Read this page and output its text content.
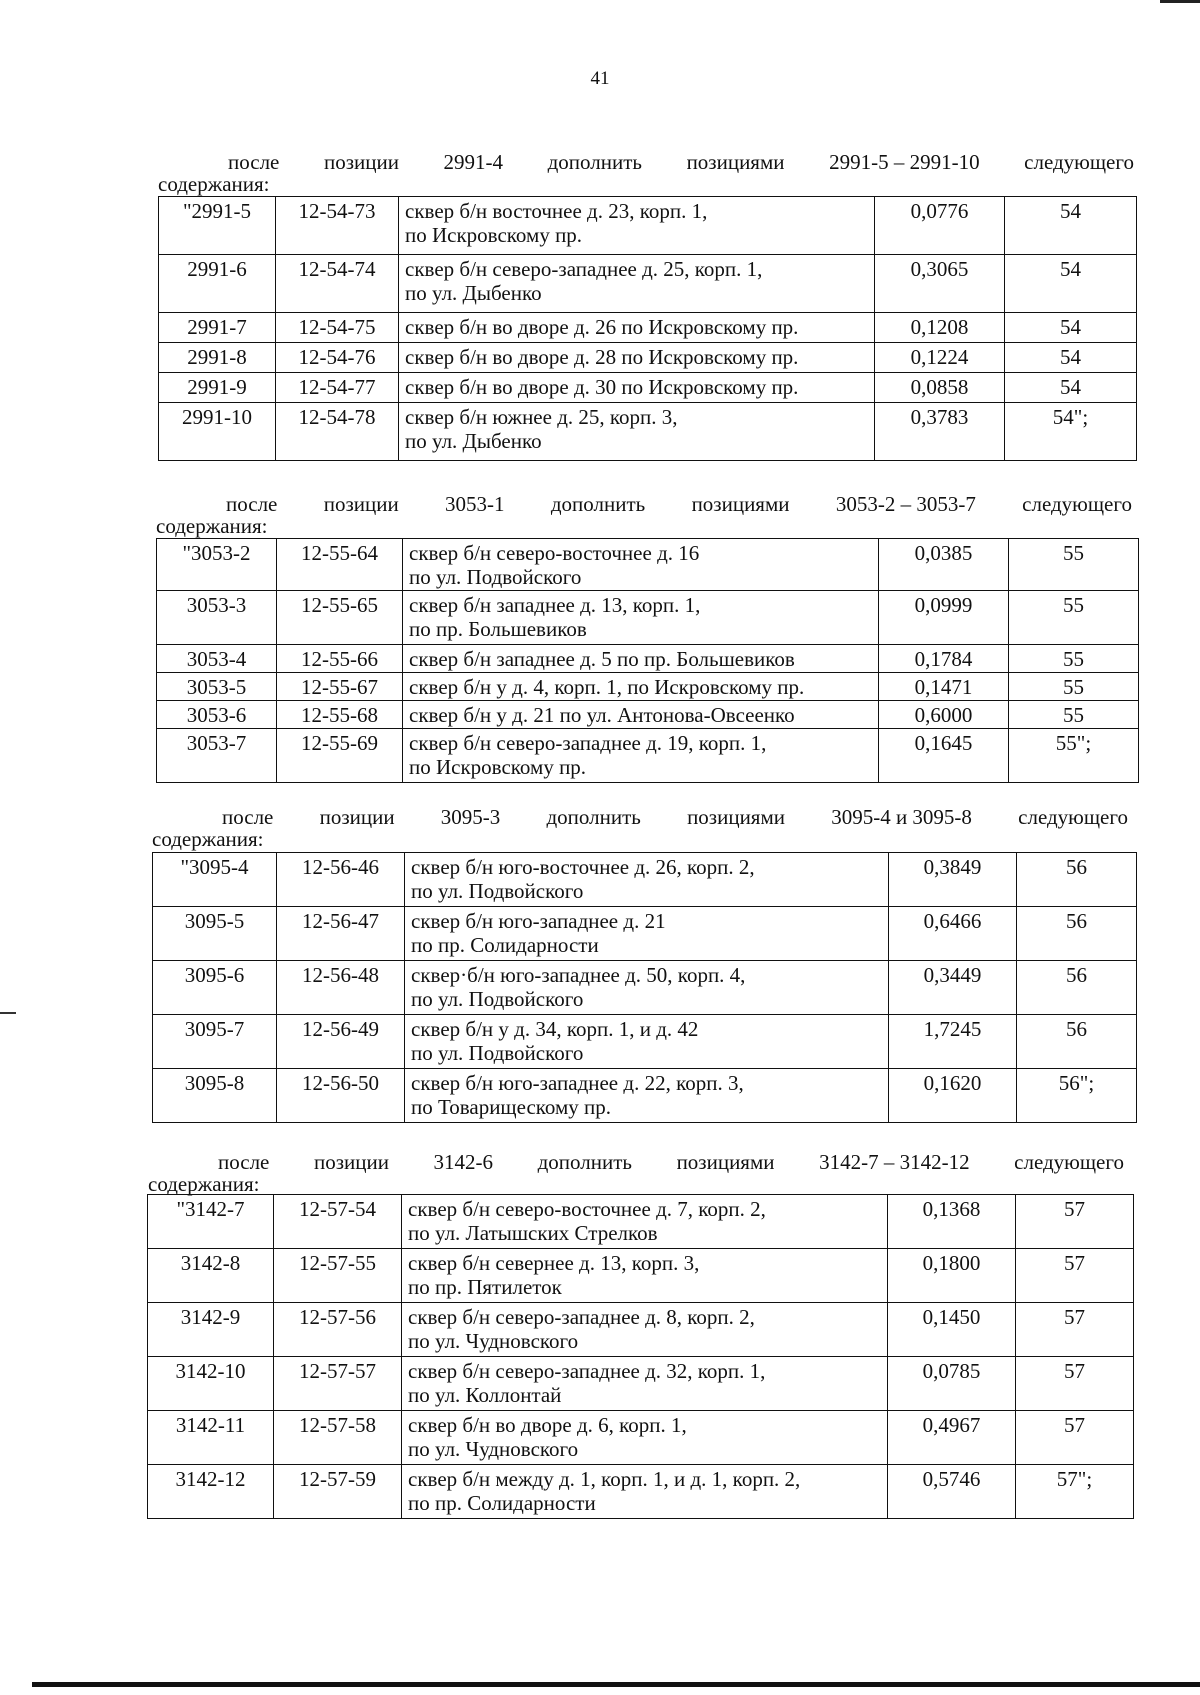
41
после позиции 2991-4 дополнить позициями 2991-5 – 2991-10 следующего
содержания:
"2991-5	12-54-73	сквер б/н восточнее д. 23, корп. 1,
по Искровскому пр.	0,0776	54
2991-6	12-54-74	сквер б/н северо-западнее д. 25, корп. 1,
по ул. Дыбенко	0,3065	54
2991-7	12-54-75	сквер б/н во дворе д. 26 по Искровскому пр.	0,1208	54
2991-8	12-54-76	сквер б/н во дворе д. 28 по Искровскому пр.	0,1224	54
2991-9	12-54-77	сквер б/н во дворе д. 30 по Искровскому пр.	0,0858	54
2991-10	12-54-78	сквер б/н южнее д. 25, корп. 3,
по ул. Дыбенко	0,3783	54";
после позиции 3053-1 дополнить позициями 3053-2 – 3053-7 следующего
содержания:
"3053-2	12-55-64	сквер б/н северо-восточнее д. 16
по ул. Подвойского	0,0385	55
3053-3	12-55-65	сквер б/н западнее д. 13, корп. 1,
по пр. Большевиков	0,0999	55
3053-4	12-55-66	сквер б/н западнее д. 5 по пр. Большевиков	0,1784	55
3053-5	12-55-67	сквер б/н у д. 4, корп. 1, по Искровскому пр.	0,1471	55
3053-6	12-55-68	сквер б/н у д. 21 по ул. Антонова-Овсеенко	0,6000	55
3053-7	12-55-69	сквер б/н северо-западнее д. 19, корп. 1,
по Искровскому пр.	0,1645	55";
после позиции 3095-3 дополнить позициями 3095-4 и 3095-8 следующего
содержания:
"3095-4	12-56-46	сквер б/н юго-восточнее д. 26, корп. 2,
по ул. Подвойского	0,3849	56
3095-5	12-56-47	сквер б/н юго-западнее д. 21
по пр. Солидарности	0,6466	56
3095-6	12-56-48	сквер·б/н юго-западнее д. 50, корп. 4,
по ул. Подвойского	0,3449	56
3095-7	12-56-49	сквер б/н у д. 34, корп. 1, и д. 42
по ул. Подвойского	1,7245	56
3095-8	12-56-50	сквер б/н юго-западнее д. 22, корп. 3,
по Товарищескому пр.	0,1620	56";
после позиции 3142-6 дополнить позициями 3142-7 – 3142-12 следующего
содержания:
"3142-7	12-57-54	сквер б/н северо-восточнее д. 7, корп. 2,
по ул. Латышских Стрелков	0,1368	57
3142-8	12-57-55	сквер б/н севернее д. 13, корп. 3,
по пр. Пятилеток	0,1800	57
3142-9	12-57-56	сквер б/н северо-западнее д. 8, корп. 2,
по ул. Чудновского	0,1450	57
3142-10	12-57-57	сквер б/н северо-западнее д. 32, корп. 1,
по ул. Коллонтай	0,0785	57
3142-11	12-57-58	сквер б/н во дворе д. 6, корп. 1,
по ул. Чудновского	0,4967	57
3142-12	12-57-59	сквер б/н между д. 1, корп. 1, и д. 1, корп. 2,
по пр. Солидарности	0,5746	57";
